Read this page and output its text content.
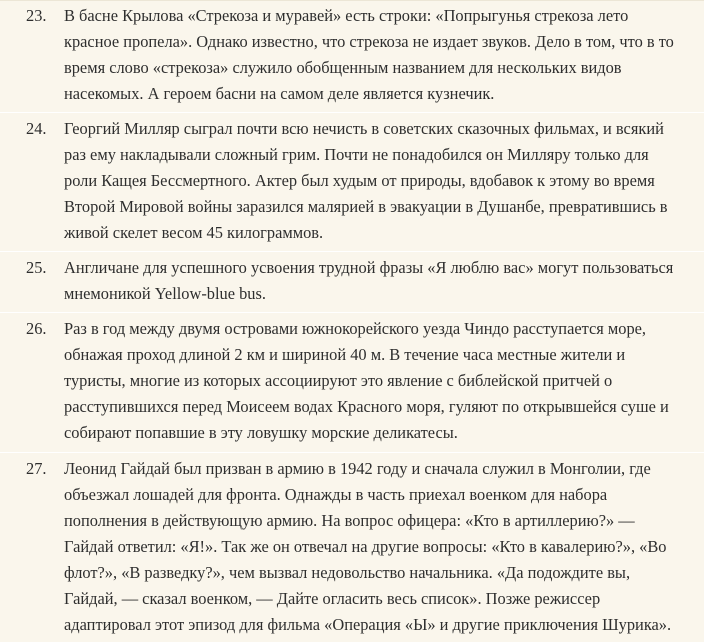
23.	В басне Крылова «Стрекоза и муравей» есть строки: «Попрыгунья стрекоза лето красное пропела». Однако известно, что стрекоза не издает звуков. Дело в том, что в то время слово «стрекоза» служило обобщенным названием для нескольких видов насекомых. А героем басни на самом деле является кузнечик.
24.	Георгий Милляр сыграл почти всю нечисть в советских сказочных фильмах, и всякий раз ему накладывали сложный грим. Почти не понадобился он Милляру только для роли Кащея Бессмертного. Актер был худым от природы, вдобавок к этому во время Второй Мировой войны заразился малярией в эвакуации в Душанбе, превратившись в живой скелет весом 45 килограммов.
25.	Англичане для успешного усвоения трудной фразы «Я люблю вас» могут пользоваться мнемоникой Yellow-blue bus.
26.	Раз в год между двумя островами южнокорейского уезда Чиндо расступается море, обнажая проход длиной 2 км и шириной 40 м. В течение часа местные жители и туристы, многие из которых ассоциируют это явление с библейской притчей о расступившихся перед Моисеем водах Красного моря, гуляют по открывшейся суше и собирают попавшие в эту ловушку морские деликатесы.
27.	Леонид Гайдай был призван в армию в 1942 году и сначала служил в Монголии, где объезжал лошадей для фронта. Однажды в часть приехал военком для набора пополнения в действующую армию. На вопрос офицера: «Кто в артиллерию?» — Гайдай ответил: «Я!». Так же он отвечал на другие вопросы: «Кто в кавалерию?», «Во флот?», «В разведку?», чем вызвал недовольство начальника. «Да подождите вы, Гайдай, — сказал военком, — Дайте огласить весь список». Позже режиссер адаптировал этот эпизод для фильма «Операция «Ы» и другие приключения Шурика».
